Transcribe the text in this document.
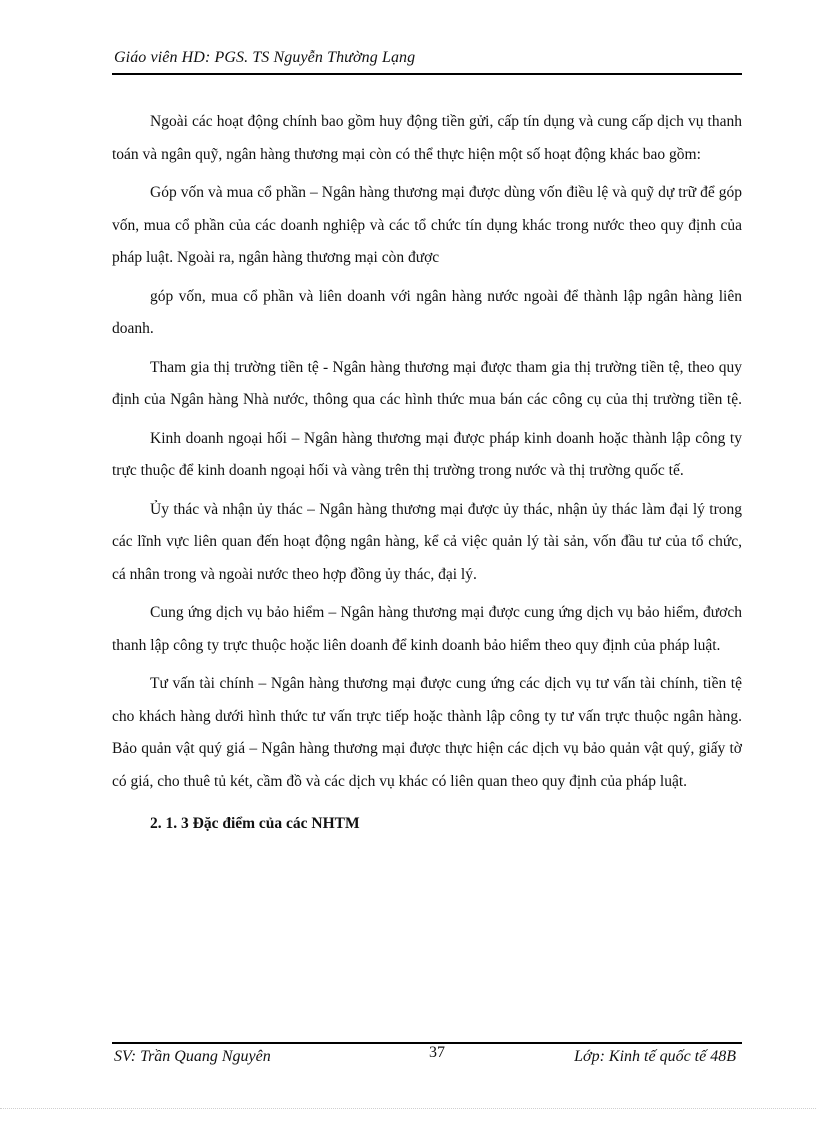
Giáo viên HD: PGS. TS Nguyễn Thường Lạng

Ngoài các hoạt động chính bao gồm huy động tiền gửi, cấp tín dụng và cung cấp dịch vụ thanh toán và ngân quỹ, ngân hàng thương mại còn có thể thực hiện một số hoạt động khác bao gồm:

Góp vốn và mua cổ phần – Ngân hàng thương mại được dùng vốn điều lệ và quỹ dự trữ để góp vốn, mua cổ phần của các doanh nghiệp và các tổ chức tín dụng khác trong nước theo quy định của pháp luật. Ngoài ra, ngân hàng thương mại còn được

góp vốn, mua cổ phần và liên doanh với ngân hàng nước ngoài để thành lập ngân hàng liên doanh.

Tham gia thị trường tiền tệ - Ngân hàng thương mại được tham gia thị trường tiền tệ, theo quy định của Ngân hàng Nhà nước, thông qua các hình thức mua bán các công cụ của thị trường tiền tệ.

Kinh doanh ngoại hối – Ngân hàng thương mại được pháp kinh doanh hoặc thành lập công ty trực thuộc để kinh doanh ngoại hối và vàng trên thị trường trong nước và thị trường quốc tế.

Ủy thác và nhận ủy thác – Ngân hàng thương mại được ủy thác, nhận ủy thác làm đại lý trong các lĩnh vực liên quan đến hoạt động ngân hàng, kể cả việc quản lý tài sản, vốn đầu tư của tổ chức, cá nhân trong và ngoài nước theo hợp đồng ủy thác, đại lý.

Cung ứng dịch vụ bảo hiểm – Ngân hàng thương mại được cung ứng dịch vụ bảo hiểm, đươch thanh lập công ty trực thuộc hoặc liên doanh để kinh doanh bảo hiểm theo quy định của pháp luật.

Tư vấn tài chính – Ngân hàng thương mại được cung ứng các dịch vụ tư vấn tài chính, tiền tệ cho khách hàng dưới hình thức tư vấn trực tiếp hoặc thành lập công ty tư vấn trực thuộc ngân hàng. Bảo quản vật quý giá – Ngân hàng thương mại được thực hiện các dịch vụ bảo quản vật quý, giấy tờ có giá, cho thuê tủ két, cầm đồ và các dịch vụ khác có liên quan theo quy định của pháp luật.

2. 1. 3 Đặc điểm của các NHTM
SV: Trần Quang Nguyên	37	Lớp: Kinh tế quốc tế 48B
